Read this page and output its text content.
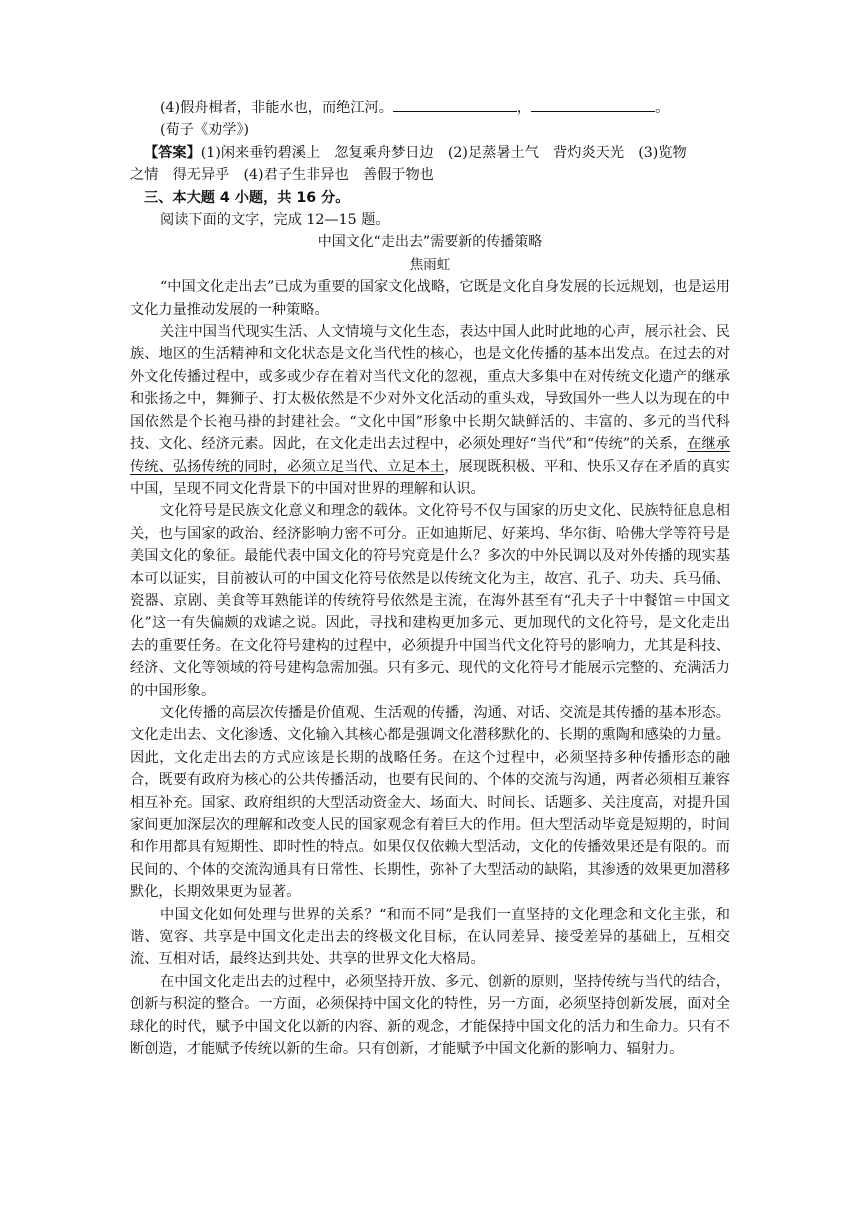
(4)假舟楫者，非能水也，而绝江河。	，	。
(荀子《劝学》)
【答案】(1)闲来垂钓碧溪上　忽复乘舟梦日边　(2)足蒸暑土气　背灼炎天光　(3)览物
之情　得无异乎　(4)君子生非异也　善假于物也
三、本大题 4 小题，共 16 分。
阅读下面的文字，完成 12—15 题。
中国文化“走出去”需要新的传播策略
焦雨虹

“中国文化走出去”已成为重要的国家文化战略，它既是文化自身发展的长远规划，也是运用文化力量推动发展的一种策略。

关注中国当代现实生活、人文情境与文化生态，表达中国人此时此地的心声，展示社会、民族、地区的生活精神和文化状态是文化当代性的核心，也是文化传播的基本出发点。在过去的对外文化传播过程中，或多或少存在着对当代文化的忽视，重点大多集中在对传统文化遗产的继承和张扬之中，舞狮子、打太极依然是不少对外文化活动的重头戏，导致国外一些人以为现在的中国依然是个长袍马褂的封建社会。“文化中国”形象中长期欠缺鲜活的、丰富的、多元的当代科技、文化、经济元素。因此，在文化走出去过程中，必须处理好“当代”和“传统”的关系，在继承传统、弘扬传统的同时，必须立足当代、立足本土，展现既积极、平和、快乐又存在矛盾的真实中国，呈现不同文化背景下的中国对世界的理解和认识。

文化符号是民族文化意义和理念的载体。文化符号不仅与国家的历史文化、民族特征息息相关，也与国家的政治、经济影响力密不可分。正如迪斯尼、好莱坞、华尔街、哈佛大学等符号是美国文化的象征。最能代表中国文化的符号究竟是什么？多次的中外民调以及对外传播的现实基本可以证实，目前被认可的中国文化符号依然是以传统文化为主，故宫、孔子、功夫、兵马俑、瓷器、京剧、美食等耳熟能详的传统符号依然是主流，在海外甚至有“孔夫子十中餐馆＝中国文化”这一有失偏颇的戏谑之说。因此，寻找和建构更加多元、更加现代的文化符号，是文化走出去的重要任务。在文化符号建构的过程中，必须提升中国当代文化符号的影响力，尤其是科技、经济、文化等领域的符号建构急需加强。只有多元、现代的文化符号才能展示完整的、充满活力的中国形象。

文化传播的高层次传播是价值观、生活观的传播，沟通、对话、交流是其传播的基本形态。文化走出去、文化渗透、文化输入其核心都是强调文化潜移默化的、长期的熏陶和感染的力量。因此，文化走出去的方式应该是长期的战略任务。在这个过程中，必须坚持多种传播形态的融合，既要有政府为核心的公共传播活动，也要有民间的、个体的交流与沟通，两者必须相互兼容相互补充。国家、政府组织的大型活动资金大、场面大、时间长、话题多、关注度高，对提升国家间更加深层次的理解和改变人民的国家观念有着巨大的作用。但大型活动毕竟是短期的，时间和作用都具有短期性、即时性的特点。如果仅仅依赖大型活动，文化的传播效果还是有限的。而民间的、个体的交流沟通具有日常性、长期性，弥补了大型活动的缺陷，其渗透的效果更加潜移默化，长期效果更为显著。

中国文化如何处理与世界的关系？“和而不同”是我们一直坚持的文化理念和文化主张，和谐、宽容、共享是中国文化走出去的终极文化目标，在认同差异、接受差异的基础上，互相交流、互相对话，最终达到共处、共享的世界文化大格局。

在中国文化走出去的过程中，必须坚持开放、多元、创新的原则，坚持传统与当代的结合，创新与积淀的整合。一方面，必须保持中国文化的特性，另一方面，必须坚持创新发展，面对全球化的时代，赋予中国文化以新的内容、新的观念，才能保持中国文化的活力和生命力。只有不断创造，才能赋予传统以新的生命。只有创新，才能赋予中国文化新的影响力、辐射力。
